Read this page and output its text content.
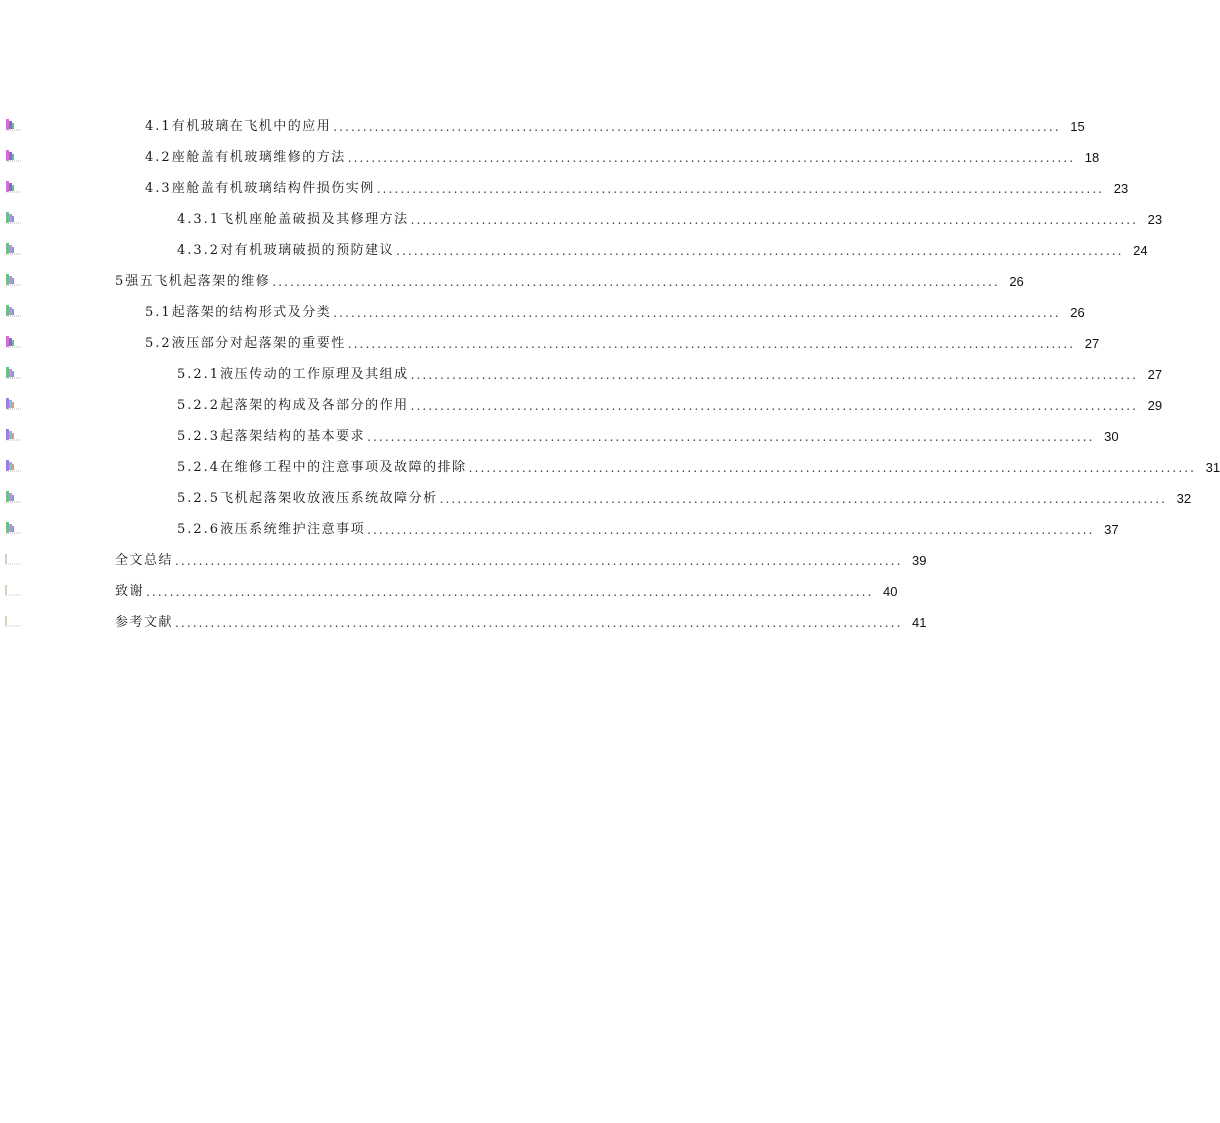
4.1 有机玻璃在飞机中的应用 ........................................................................................................................... 15
4.2 座舱盖有机玻璃维修的方法 ........................................................................................................................... 18
4.3 座舱盖有机玻璃结构件损伤实例 ........................................................................................................................... 23
4.3.1 飞机座舱盖破损及其修理方法 ........................................................................................................................... 23
4.3.2 对有机玻璃破损的预防建议 ........................................................................................................................... 24
5 强五飞机起落架的维修 ........................................................................................................................... 26
5.1 起落架的结构形式及分类 ........................................................................................................................... 26
5.2 液压部分对起落架的重要性 ........................................................................................................................... 27
5.2.1 液压传动的工作原理及其组成 ........................................................................................................................... 27
5.2.2 起落架的构成及各部分的作用 ........................................................................................................................... 29
5.2.3 起落架结构的基本要求 ........................................................................................................................... 30
5.2.4 在维修工程中的注意事项及故障的排除 ........................................................................................................................... 31
5.2.5 飞机起落架收放液压系统故障分析 ........................................................................................................................... 32
5.2.6 液压系统维护注意事项 ........................................................................................................................... 37
全文总结 ........................................................................................................................... 39
致谢 ........................................................................................................................... 40
参考文献 ........................................................................................................................... 41
